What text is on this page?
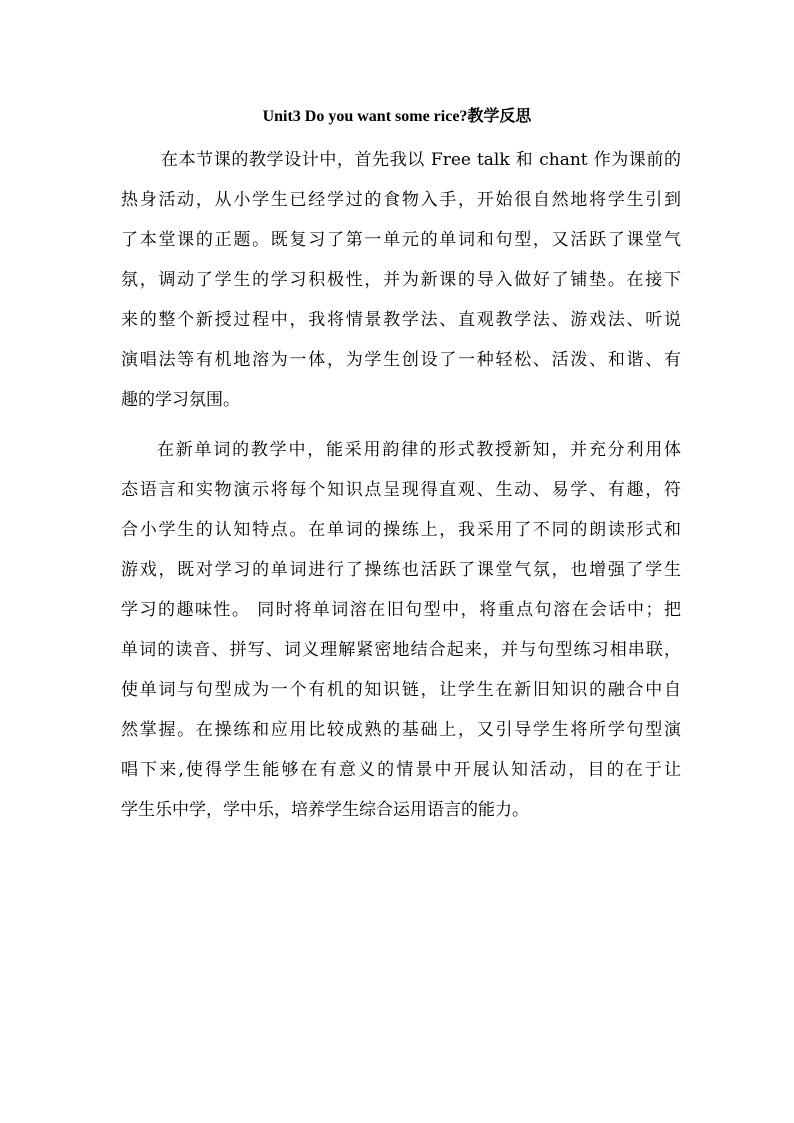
Unit3 Do you want some rice?教学反思
在本节课的教学设计中，首先我以 Free talk 和 chant 作为课前的
热身活动，从小学生已经学过的食物入手，开始很自然地将学生引到
了本堂课的正题。既复习了第一单元的单词和句型，又活跃了课堂气
氛，调动了学生的学习积极性，并为新课的导入做好了铺垫。在接下
来的整个新授过程中，我将情景教学法、直观教学法、游戏法、听说
演唱法等有机地溶为一体，为学生创设了一种轻松、活泼、和谐、有
趣的学习氛围。
在新单词的教学中，能采用韵律的形式教授新知，并充分利用体
态语言和实物演示将每个知识点呈现得直观、生动、易学、有趣，符
合小学生的认知特点。在单词的操练上，我采用了不同的朗读形式和
游戏，既对学习的单词进行了操练也活跃了课堂气氛，也增强了学生
学习的趣味性。 同时将单词溶在旧句型中，将重点句溶在会话中；把
单词的读音、拼写、词义理解紧密地结合起来，并与句型练习相串联，
使单词与句型成为一个有机的知识链，让学生在新旧知识的融合中自
然掌握。在操练和应用比较成熟的基础上，又引导学生将所学句型演
唱下来,使得学生能够在有意义的情景中开展认知活动，目的在于让
学生乐中学，学中乐，培养学生综合运用语言的能力。
